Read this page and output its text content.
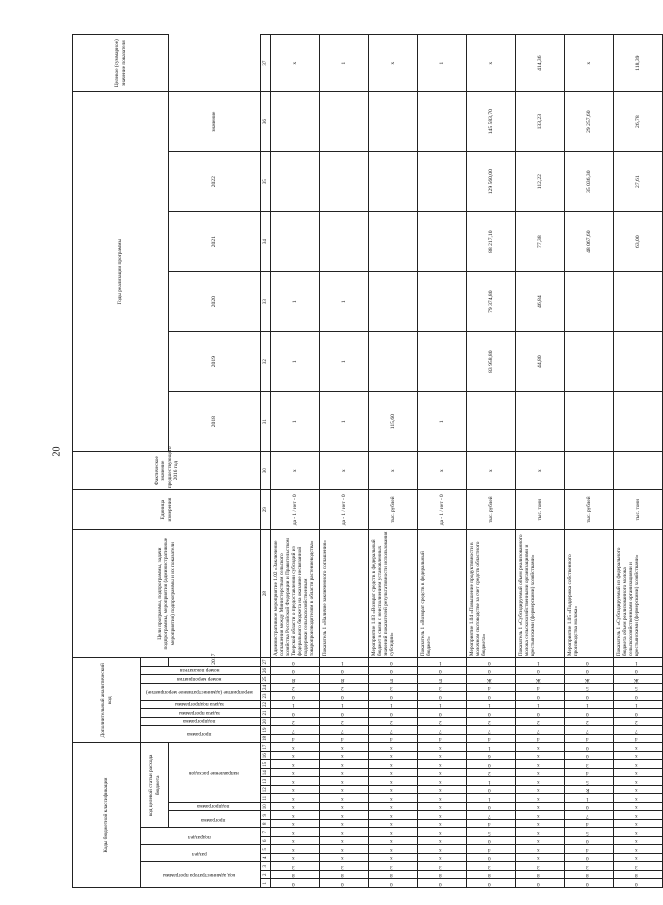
20
Коды бюджетной классификации																	Дополнительный аналитический код										Цели программы, подпрограммы, задачи подпрограммы, мероприятия (административные мероприятия) подпрограммы и их показатели	Единица измерения	Фактическое значение предшествующего 2016 год	Годы реализации программы						Целевое (суммарное) значение показателя
код администратора программы			раздел		подраздел		код целевой статьи расхода бюджета										программа		подпрограмма	задача программы	задача подпрограммы	мероприятие (административное мероприятие)		номер мероприятия	номер показателя											
							программа		подпрограмма	направление расходов																2017				2018	2019	2020	2021	2022	значение	
1	2	3	4	5	6	7	8	9	10	11	12	13	14	15	16	17	18	19	20	21	22	23	24	25	26	27	28	29	30	31	32	33	34	35	36	37
0	8	3	x	x	x	x	x	x	x	x	x	x	x	x	x	x	4	7	2	0	1	0	2	Я	0	0	Административное мероприятие 1.02 «Заключение соглашения между Министерством сельского хозяйства Российской Федерации и Правительством Тверской области о предоставлении субсидий из федерального бюджета на оказание несвязанной поддержки сельскохозяйственным товаропроизводителям в области растениеводства»	да - 1 / нет - 0	x	1	1	1				x
0	8	3	x	x	x	x	x	x	x	x	x	x	x	x	x	x	4	7	2	0	1	0	2	Я	0	1	Показатель 1 «Наличие заключенного соглашения»	да - 1 / нет - 0	x	1	1	1				1
0	8	3	x	x	x	x	x	x	x	x	x	x	x	x	x	x	4	7	2	0	1	0	3	Б	0	0	Мероприятие 1.03 «Возврат средств в федеральный бюджет в связи с неисполнением установленных значений показателей результативности использования субсидии»	тыс. рублей	x	115,60						x
0	8	3	x	x	x	x	x	x	x	x	x	x	x	x	x	x	4	7	2	0	1	0	3	Б	0	1	Показатель 1 «Возврат средств в федеральный бюджет»	да - 1 / нет - 0	x	1						1
0	8	3	0	4	0	5	4	7	0	1	0	1	2	0	6	1	4	7	2	0	1	0	4	Ж	0	0	Мероприятие 1.04 «Повышение продуктивности в молочном скотоводстве за счет средств областного бюджета»	тыс. рублей	x		83 958,80	79 374,80	88 217,10	129 560,00	145 583,70	x
0	8	3	x	x	x	x	x	x	x	x	x	x	x	x	x	x	4	7	2	0	1	0	4	Ж	0	1	Показатель 1 «Субсидируемый объем реализованного молока сельскохозяйственными организациями и крестьянскими (фермерскими) хозяйствами»	тыс. тонн	x		44,80	46,84	77,38	112,22	133,23	414,36
0	8	3	0	4	0	5	4	7	0	1	R	5	4	3	0	0	4	7	2	0	1	0	5	Ж	0	0	Мероприятие 1.05 «Поддержка собственного производства молока»	тыс. рублей					48 067,60	35 036,30	29 257,60	x
0	8	3	x	x	x	x	x	x	x	x	x	x	x	x	x	x	4	7	2	0	1	0	5	Ж	0	1	Показатель 1 «Субсидируемый из федерального бюджета объем реализованного молока сельскохозяйственными организациями и крестьянскими (фермерскими) хозяйствами»	тыс. тонн					63,00	27,61	26,78	118,39
